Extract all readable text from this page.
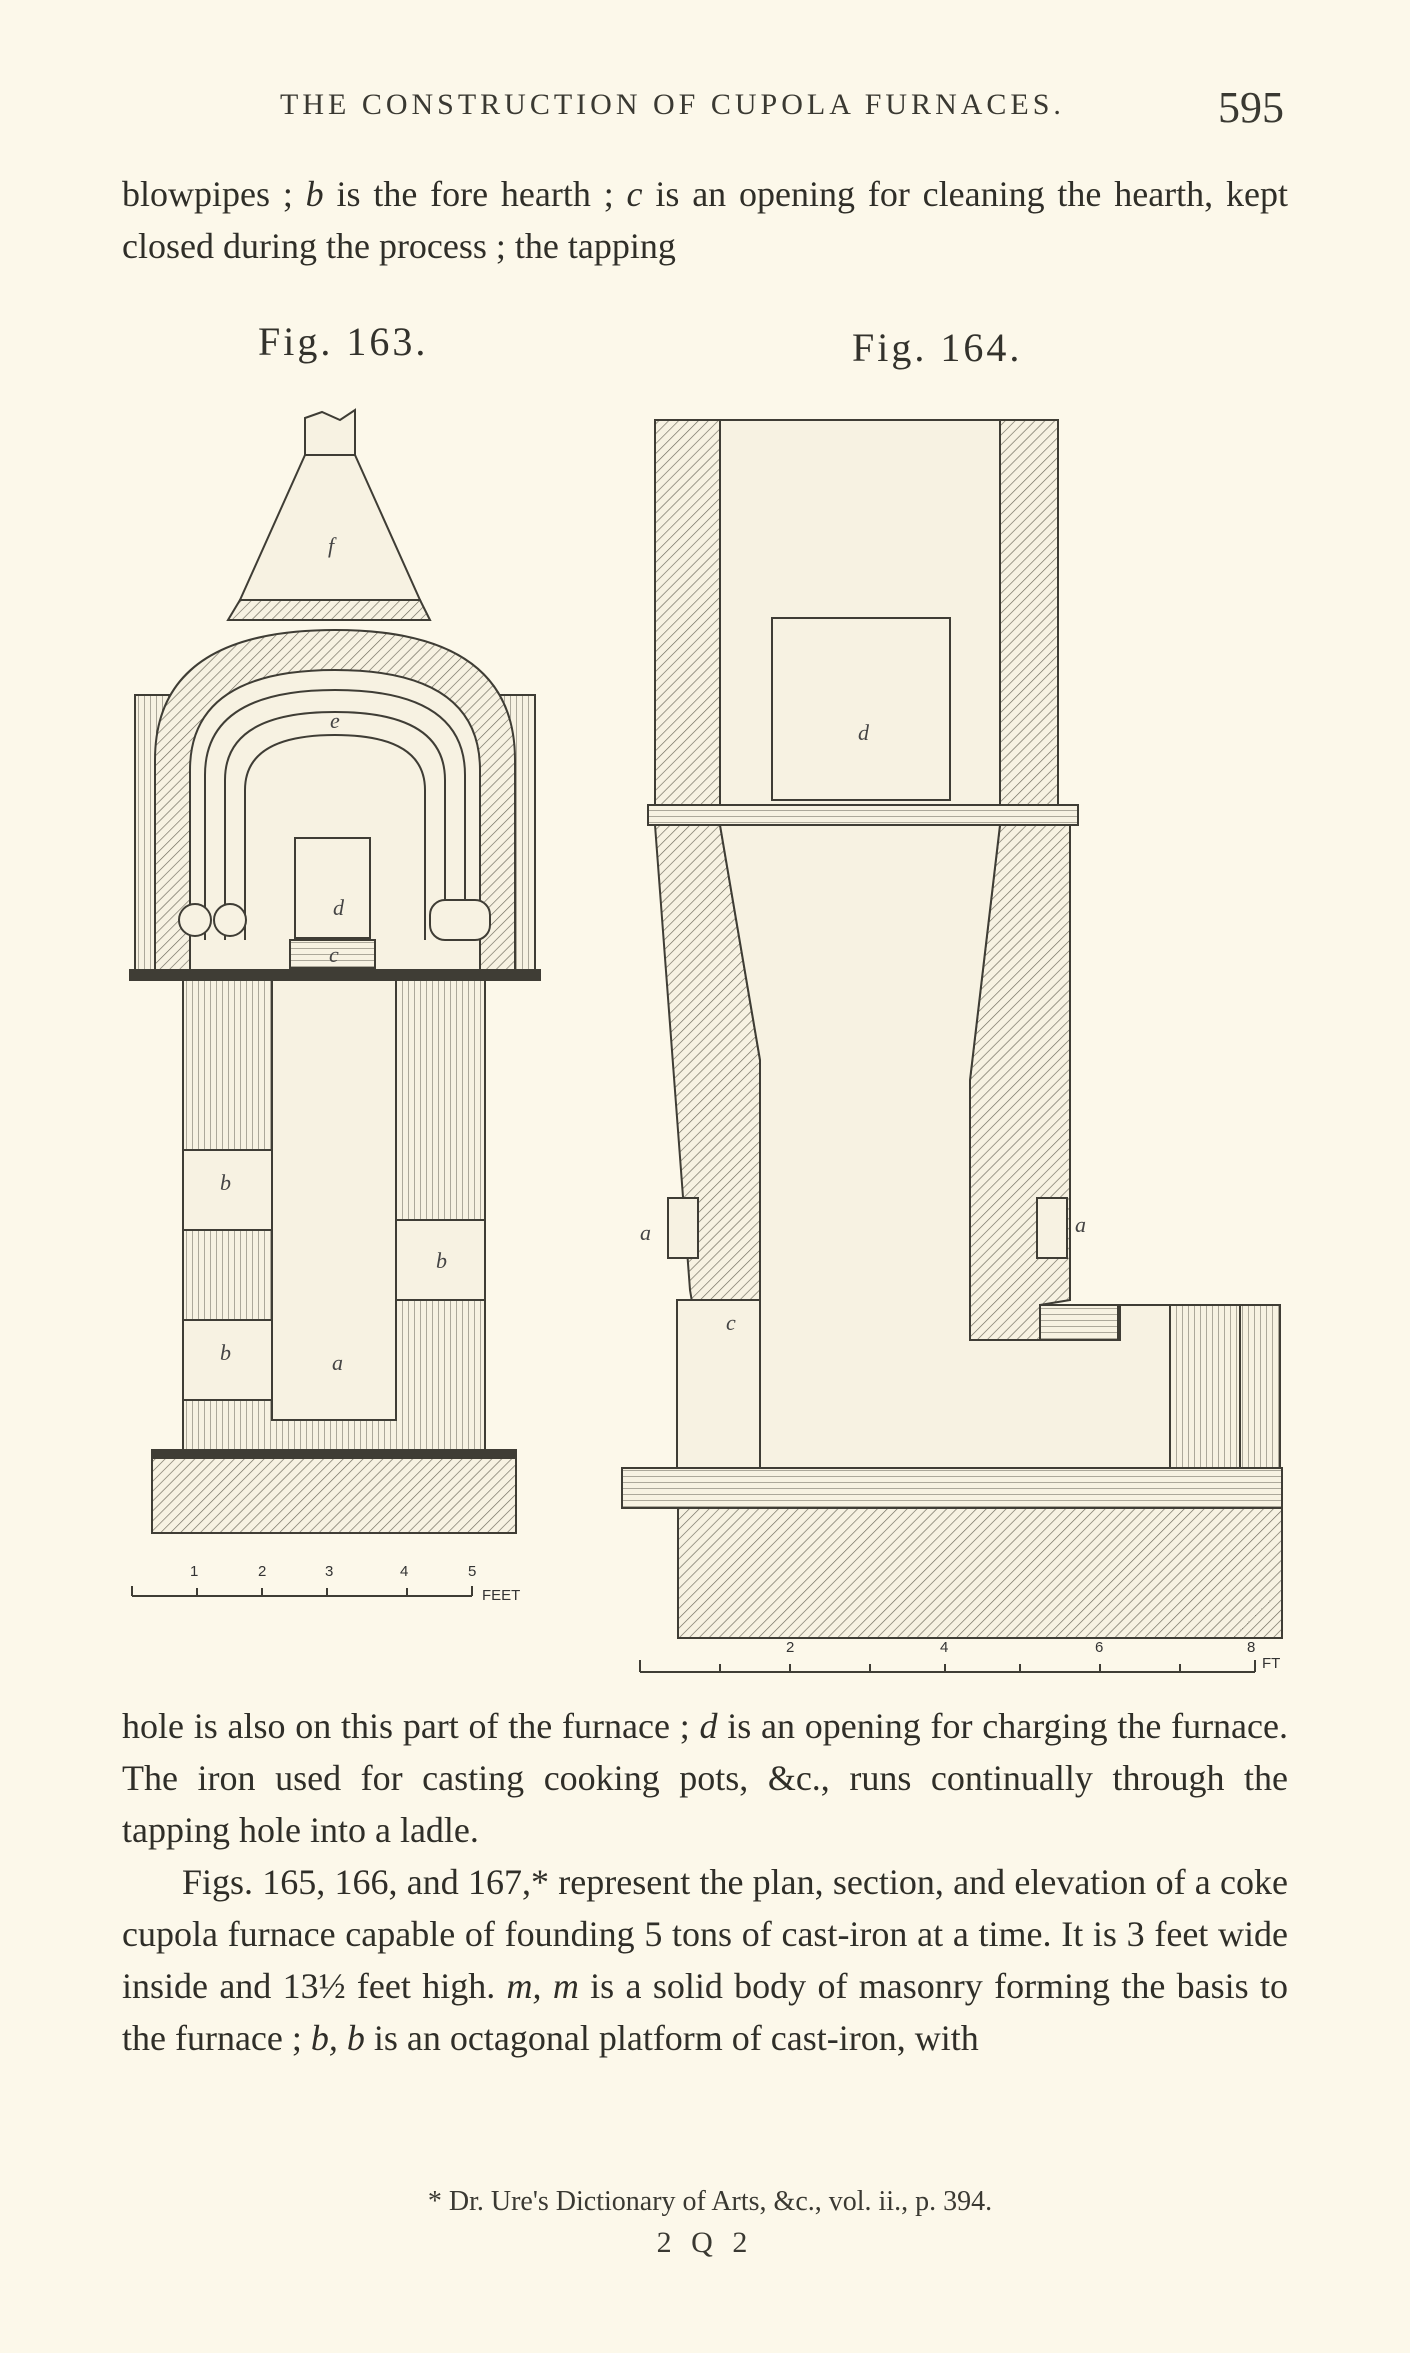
THE CONSTRUCTION OF CUPOLA FURNACES.	595

blowpipes ; b is the fore hearth ; c is an opening for cleaning the hearth, kept closed during the process ; the tapping

Fig. 163.	Fig. 164.
f
e
d
c
a
b
b
b
1	2	3	4	5
FEET
d
a	a
c
2	4	6	8
FT

hole is also on this part of the furnace ; d is an opening for charging the furnace. The iron used for casting cooking pots, &c., runs continually through the tapping hole into a ladle.

Figs. 165, 166, and 167,* represent the plan, section, and elevation of a coke cupola furnace capable of founding 5 tons of cast-iron at a time. It is 3 feet wide inside and 13½ feet high. m, m is a solid body of masonry forming the basis to the furnace ; b, b is an octagonal platform of cast-iron, with

* Dr. Ure's Dictionary of Arts, &c., vol. ii., p. 394.
2 Q 2
